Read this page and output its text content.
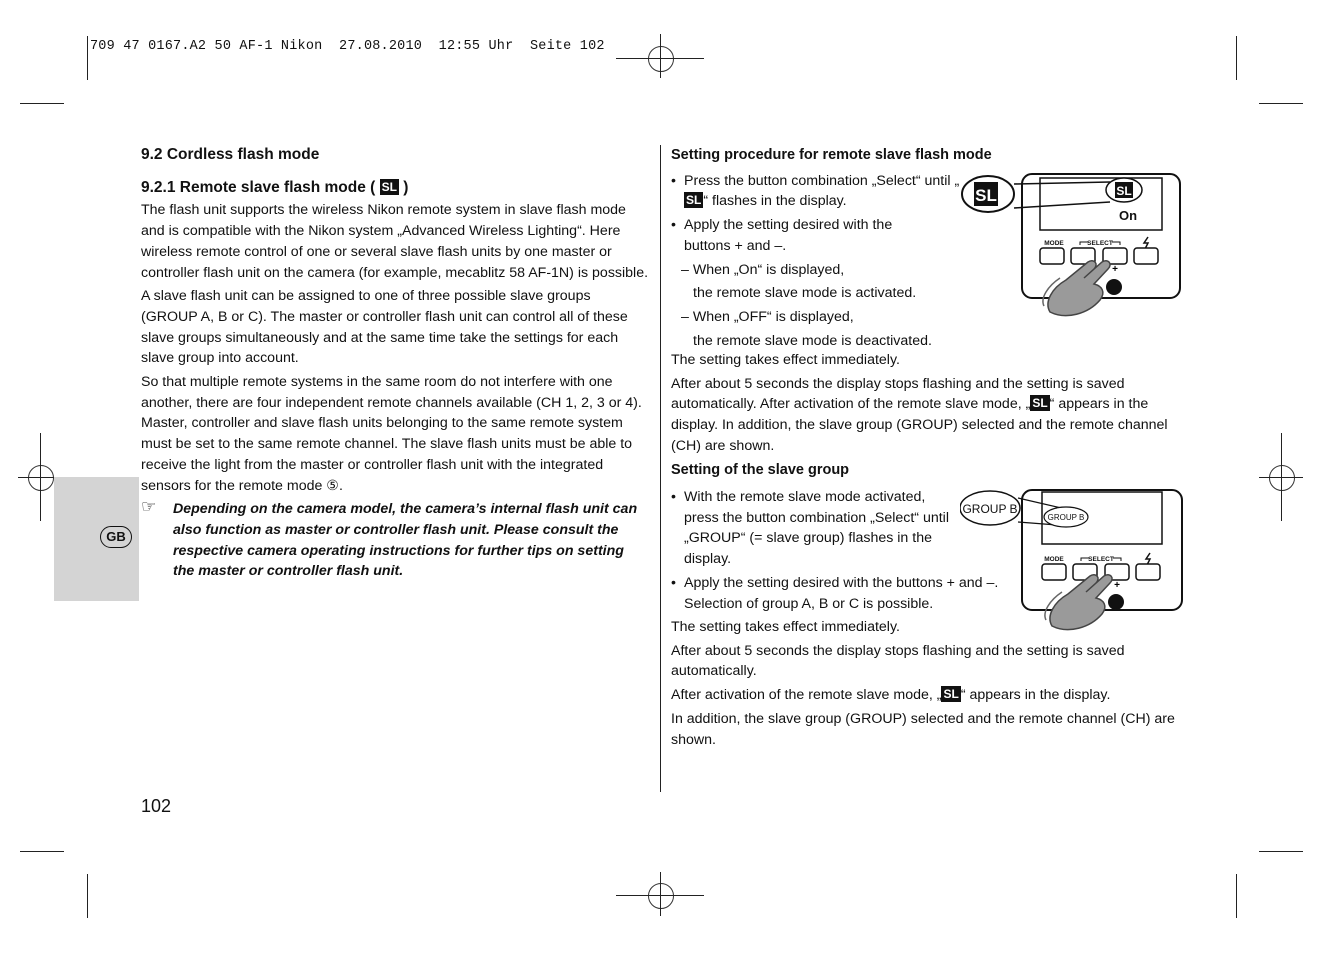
709 47 0167.A2 50 AF-1 Nikon  27.08.2010  12:55 Uhr  Seite 102
GB
9.2 Cordless flash mode
9.2.1 Remote slave flash mode ( SL )

The flash unit supports the wireless Nikon remote system in slave flash mode and is compatible with the Nikon system „Advanced Wireless Lighting“. Here wireless remote control of one or several slave flash units by one master or controller flash unit on the camera (for example, mecablitz 58 AF-1N) is possible.

A slave flash unit can be assigned to one of three possible slave groups (GROUP A, B or C). The master or controller flash unit can control all of these slave groups simultaneously and at the same time take the settings for each slave group into account.

So that multiple remote systems in the same room do not interfere with one another, there are four independent remote channels available (CH 1, 2, 3 or 4). Master, controller and slave flash units belonging to the same remote system must be set to the same remote channel. The slave flash units must be able to receive the light from the master or controller flash unit with the integrated sensors for the remote mode ⑤.

☞ Depending on the camera model, the camera’s internal flash unit can also function as master or controller flash unit. Please consult the respective camera operating instructions for further tips on setting the master or controller flash unit.
Setting procedure for remote slave flash mode

• Press the button combination „Select“ until „SL “ flashes in the display.

• Apply the setting desired with the buttons + and –.

– When „On“ is displayed,

the remote slave mode is activated.

– When „OFF“ is displayed,

the remote slave mode is deactivated.

The setting takes effect immediately.

After about 5 seconds the display stops flashing and the setting is saved automatically. After activation of the remote slave mode, „ SL “ appears in the display. In addition, the slave group (GROUP) selected and the remote channel (CH) are shown.

Setting of the slave group

• With the remote slave mode activated, press the button combination „Select“ until „GROUP“ (= slave group) flashes in the display.

• Apply the setting desired with the buttons + and –. Selection of group A, B or C is possible.

The setting takes effect immediately.

After about 5 seconds the display stops flashing and the setting is saved automatically.

After activation of the remote slave mode, „ SL “ appears in the display.

In addition, the slave group (GROUP) selected and the remote channel (CH) are shown.

SL	SL
On
MODE	SELECT
+
GROUP B
GROUP B
MODE	SELECT
+
102
